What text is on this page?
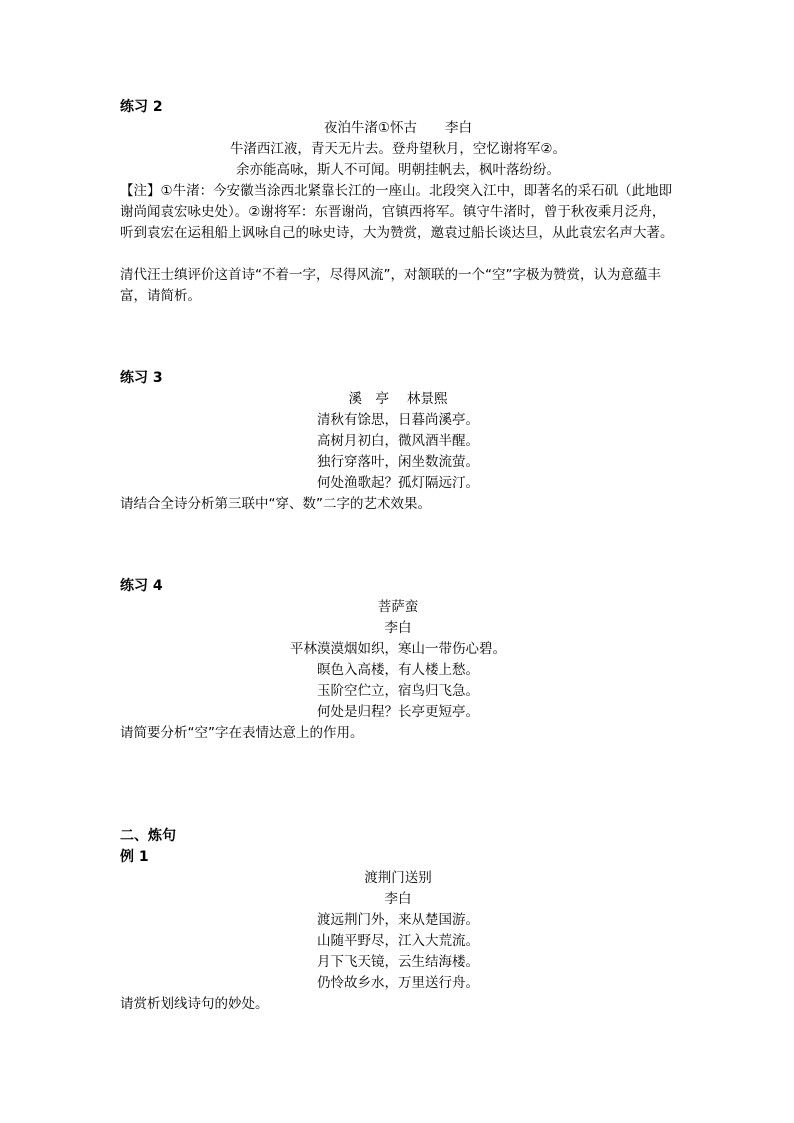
练习 2
夜泊牛渚①怀古 李白
牛渚西江液，青天无片去。登舟望秋月，空忆谢将军②。
余亦能高咏，斯人不可闻。明朝挂帆去，枫叶落纷纷。
【注】①牛渚：今安徽当涂西北紧靠长江的一座山。北段突入江中，即著名的采石矶（此地即谢尚闻袁宏咏史处）。②谢将军：东晋谢尚，官镇西将军。镇守牛渚时，曾于秋夜乘月泛舟，听到袁宏在运租船上讽咏自己的咏史诗，大为赞赏，邀袁过船长谈达旦，从此袁宏名声大著。
清代汪士缜评价这首诗“不着一字，尽得风流”，对颔联的一个“空”字极为赞赏，认为意蕴丰富，请简析。
练习 3
溪　亭 林景熙
清秋有馀思，日暮尚溪亭。
高树月初白，微风酒半醒。
独行穿落叶，闲坐数流萤。
何处渔歌起？孤灯隔远汀。
请结合全诗分析第三联中“穿、数”二字的艺术效果。
练习 4
菩萨蛮
李白
平林漠漠烟如织，寒山一带伤心碧。
暝色入高楼，有人楼上愁。
玉阶空伫立，宿鸟归飞急。
何处是归程？长亭更短亭。
请简要分析“空”字在表情达意上的作用。
二、炼句
例 1
渡荆门送别
李白
渡远荆门外，来从楚国游。
山随平野尽，江入大荒流。
月下飞天镜，云生结海楼。
仍怜故乡水，万里送行舟。
请赏析划线诗句的妙处。
